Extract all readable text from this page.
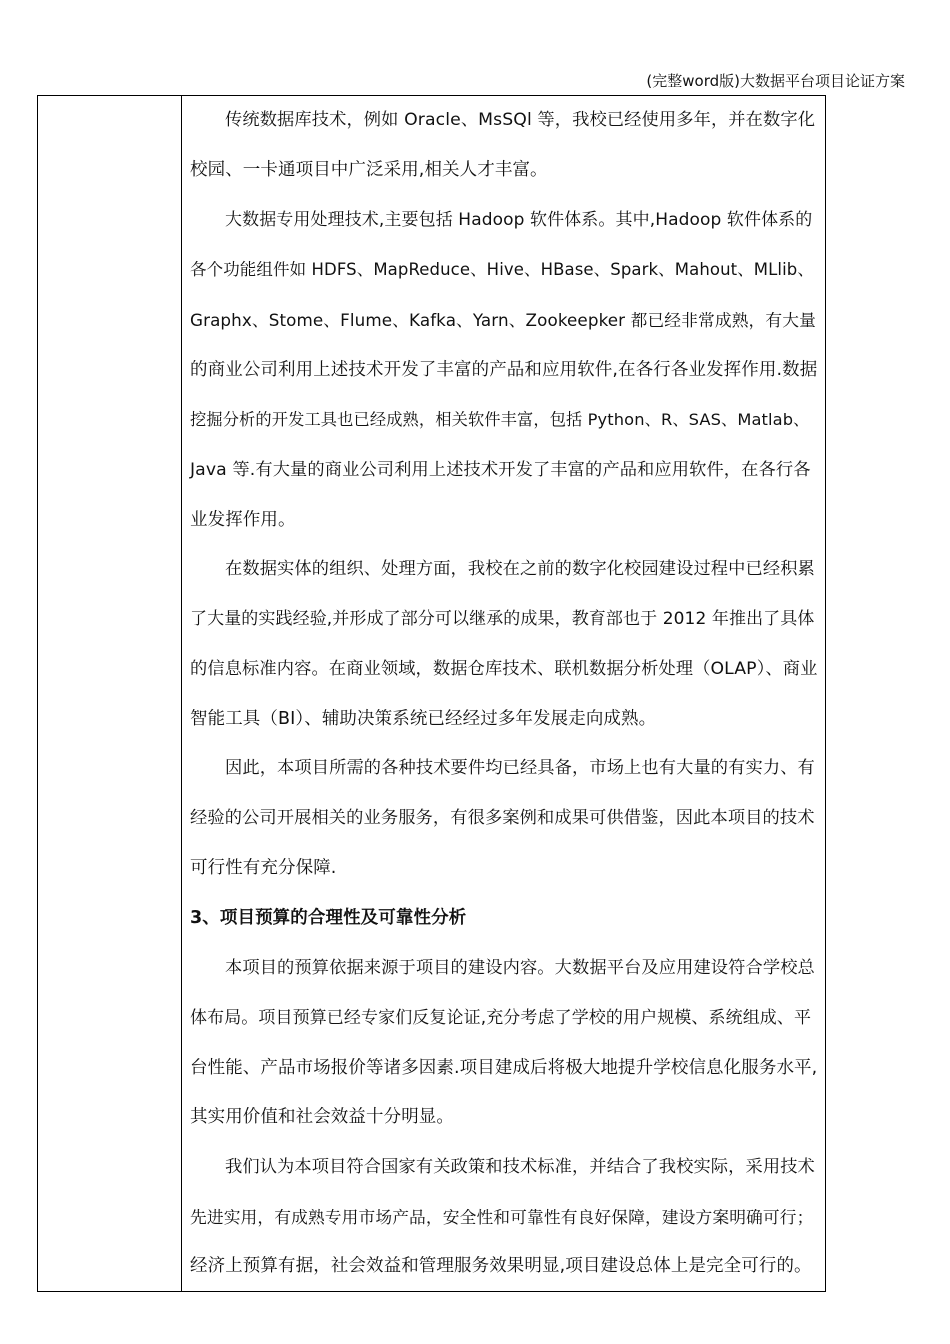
(完整word版)大数据平台项目论证方案
传统数据库技术，例如 Oracle、MsSQl 等，我校已经使用多年，并在数字化
校园、一卡通项目中广泛采用,相关人才丰富。
大数据专用处理技术,主要包括 Hadoop 软件体系。其中,Hadoop 软件体系的
各个功能组件如 HDFS、MapReduce、Hive、HBase、Spark、Mahout、MLlib、
Graphx、Stome、Flume、Kafka、Yarn、Zookeepker 都已经非常成熟，有大量
的商业公司利用上述技术开发了丰富的产品和应用软件,在各行各业发挥作用.数据
挖掘分析的开发工具也已经成熟，相关软件丰富，包括 Python、R、SAS、Matlab、
Java 等.有大量的商业公司利用上述技术开发了丰富的产品和应用软件，在各行各
业发挥作用。
在数据实体的组织、处理方面，我校在之前的数字化校园建设过程中已经积累
了大量的实践经验,并形成了部分可以继承的成果，教育部也于 2012 年推出了具体
的信息标准内容。在商业领域，数据仓库技术、联机数据分析处理（OLAP）、商业
智能工具（BI）、辅助决策系统已经经过多年发展走向成熟。
因此，本项目所需的各种技术要件均已经具备，市场上也有大量的有实力、有
经验的公司开展相关的业务服务，有很多案例和成果可供借鉴，因此本项目的技术
可行性有充分保障.
3、项目预算的合理性及可靠性分析
本项目的预算依据来源于项目的建设内容。大数据平台及应用建设符合学校总
体布局。项目预算已经专家们反复论证,充分考虑了学校的用户规模、系统组成、平
台性能、产品市场报价等诸多因素.项目建成后将极大地提升学校信息化服务水平,
其实用价值和社会效益十分明显。
我们认为本项目符合国家有关政策和技术标准，并结合了我校实际，采用技术
先进实用，有成熟专用市场产品，安全性和可靠性有良好保障，建设方案明确可行；
经济上预算有据，社会效益和管理服务效果明显,项目建设总体上是完全可行的。
